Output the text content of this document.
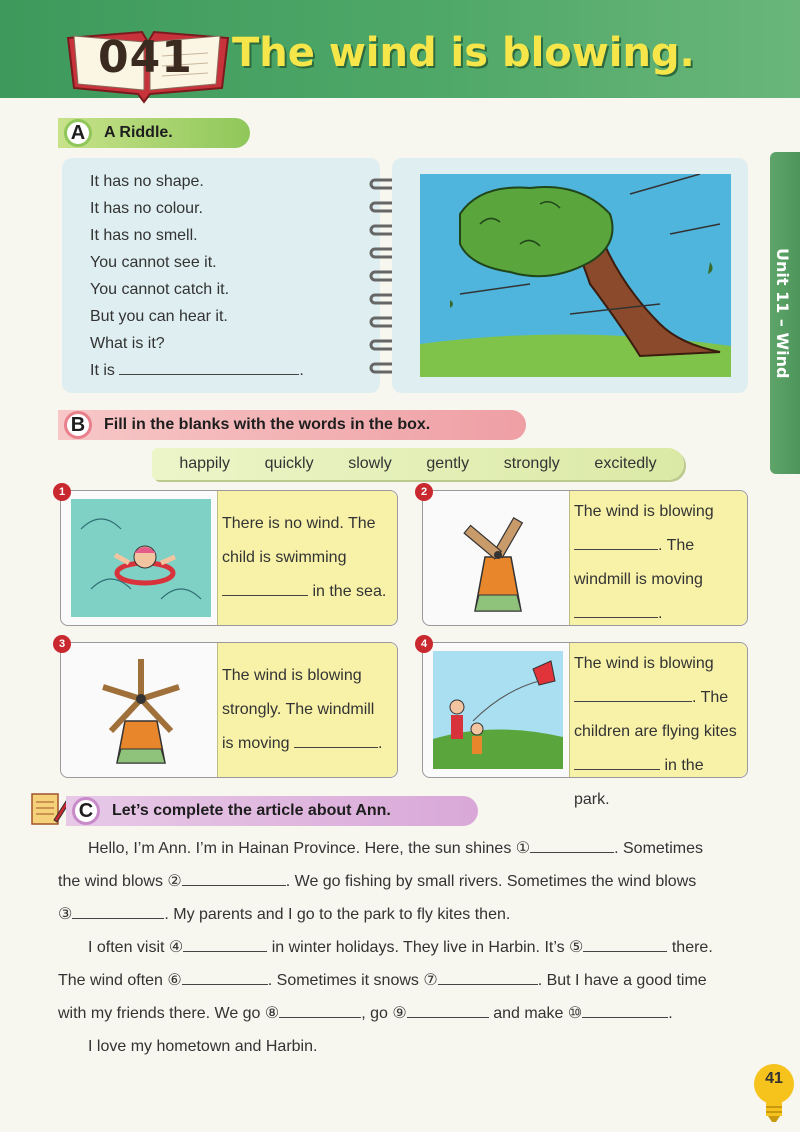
041 The wind is blowing.
Unit 11 – Wind
A	A Riddle.
It has no shape.
It has no colour.
It has no smell.
You cannot see it.
You cannot catch it.
But you can hear it.
What is it?
It is	.
B	Fill in the blanks with the words in the box.
happily quickly slowly gently strongly excitedly
1
There is no wind. The
child is swimming
in the sea.
2
The wind is blowing
. The
windmill is moving
.
3
The wind is blowing
strongly. The windmill
is moving	.
4
The wind is blowing
. The
children are flying kites
in the park.
C	Let’s complete the article about Ann.

Hello, I’m Ann. I’m in Hainan Province. Here, the sun shines ①	. Sometimes

the wind blows ②	. We go fishing by small rivers. Sometimes the wind blows

③	. My parents and I go to the park to fly kites then.

I often visit ④	in winter holidays. They live in Harbin. It’s ⑤	there.

The wind often ⑥	. Sometimes it snows ⑦	. But I have a good time

with my friends there. We go ⑧	, go ⑨	and make ⑩	.

I love my hometown and Harbin.

41
